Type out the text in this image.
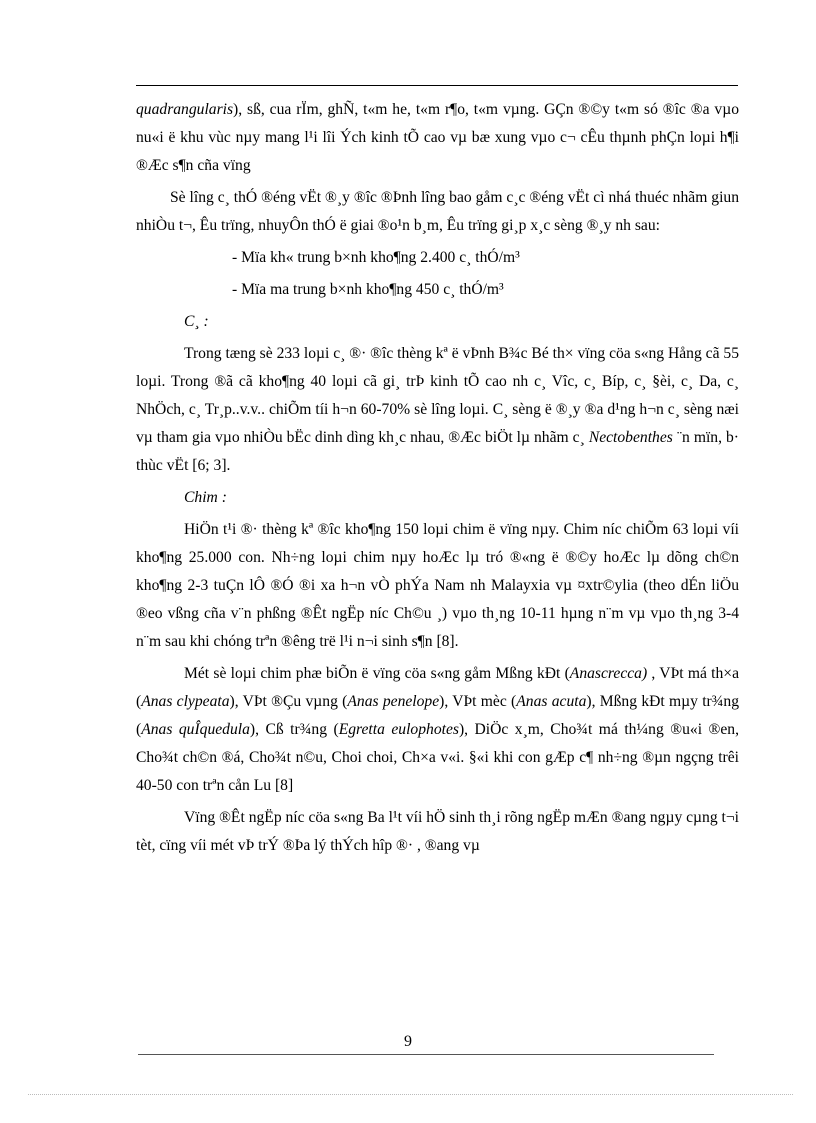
quadrangularis), sß, cua rÏm, ghÑ, t«m he, t«m r¶o, t«m vµng. GÇn ®©y t«m só ®îc ®a vµo nu«i ë khu vùc nµy mang l¹i lîi Ých kinh tÕ cao vµ bæ xung vµo c¬ cÊu thµnh phÇn loµi h¶i ®Æc s¶n cña vïng

Sè lîng c¸ thÓ ®éng vËt ®¸y ®îc ®Þnh lîng bao gåm c¸c ®éng vËt cì nhá thuéc nhãm giun nhiÒu t¬, Êu trïng, nhuyÔn thÓ ë giai ®o¹n b¸m, Êu trïng gi¸p x¸c sèng ®¸y nh sau:

- Mïa kh« trung b×nh kho¶ng 2.400 c¸ thÓ/m³

- Mïa ma trung b×nh kho¶ng 450 c¸ thÓ/m³

C¸ :

Trong tæng sè 233 loµi c¸ ®· ®îc thèng kª ë vÞnh B¾c Bé th× vïng cöa s«ng Hång cã 55 loµi. Trong ®ã cã kho¶ng 40 loµi cã gi¸ trÞ kinh tÕ cao nh c¸ Vîc, c¸ Bíp, c¸ §èi, c¸ Da, c¸ NhÖch, c¸ Tr¸p..v.v.. chiÕm tíi h¬n 60-70% sè lîng loµi. C¸ sèng ë ®¸y ®a d¹ng h¬n c¸ sèng næi vµ tham gia vµo nhiÒu bËc dinh dìng kh¸c nhau, ®Æc biÖt lµ nhãm c¸ Nectobenthes ¨n mïn, b· thùc vËt [6; 3].

Chim :

HiÖn t¹i ®· thèng kª ®îc kho¶ng 150 loµi chim ë vïng nµy. Chim níc chiÕm 63 loµi víi kho¶ng 25.000 con. Nh÷ng loµi chim nµy hoÆc lµ tró ®«ng ë ®©y hoÆc lµ dõng ch©n kho¶ng 2-3 tuÇn lÔ ®Ó ®i xa h¬n vÒ phÝa Nam nh Malayxia vµ ¤xtr©ylia (theo dÉn liÖu ®eo vßng cña v¨n phßng ®Êt ngËp níc Ch©u ¸) vµo th¸ng 10-11 hµng n¨m vµ vµo th¸ng 3-4 n¨m sau khi chóng trªn ®êng trë l¹i n¬i sinh s¶n [8].

Mét sè loµi chim phæ biÕn ë vïng cöa s«ng gåm Mßng kÐt (Anascrecca) , VÞt má th×a (Anas clypeata), VÞt ®Çu vµng (Anas penelope), VÞt mèc (Anas acuta), Mßng kÐt mµy tr¾ng (Anas quÎquedula), Cß tr¾ng (Egretta eulophotes), DiÖc x¸m, Cho¾t má th¼ng ®u«i ®en, Cho¾t ch©n ®á, Cho¾t n©u, Choi choi, Ch×a v«i. §«i khi con gÆp c¶ nh÷ng ®µn ngçng trêi 40-50 con trªn cån Lu [8]

Vïng ®Êt ngËp níc cöa s«ng Ba l¹t víi hÖ sinh th¸i rõng ngËp mÆn ®ang ngµy cµng t¬i tèt, cïng víi mét vÞ trÝ ®Þa lý thÝch hîp ®· , ®ang vµ

9
